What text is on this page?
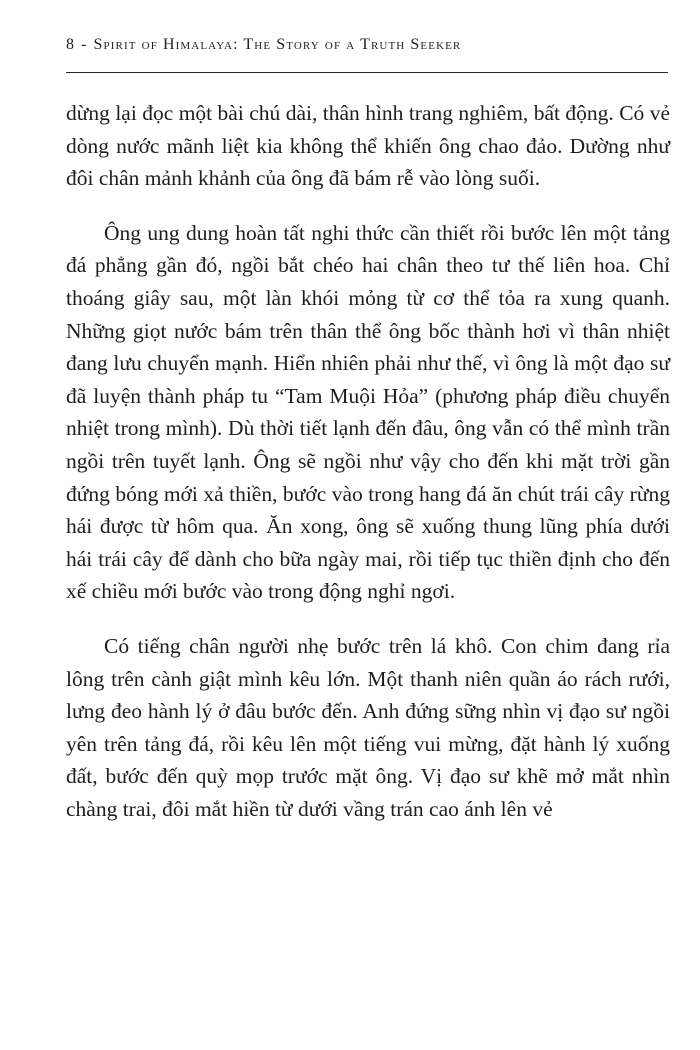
8 - Spirit of Himalaya: The Story of a Truth Seeker

dừng lại đọc một bài chú dài, thân hình trang nghiêm, bất động. Có vẻ dòng nước mãnh liệt kia không thể khiến ông chao đảo. Dường như đôi chân mảnh khảnh của ông đã bám rễ vào lòng suối.

Ông ung dung hoàn tất nghi thức cần thiết rồi bước lên một tảng đá phẳng gần đó, ngồi bắt chéo hai chân theo tư thế liên hoa. Chỉ thoáng giây sau, một làn khói mỏng từ cơ thể tỏa ra xung quanh. Những giọt nước bám trên thân thể ông bốc thành hơi vì thân nhiệt đang lưu chuyển mạnh. Hiển nhiên phải như thế, vì ông là một đạo sư đã luyện thành pháp tu “Tam Muội Hỏa” (phương pháp điều chuyển nhiệt trong mình). Dù thời tiết lạnh đến đâu, ông vẫn có thể mình trần ngồi trên tuyết lạnh. Ông sẽ ngồi như vậy cho đến khi mặt trời gần đứng bóng mới xả thiền, bước vào trong hang đá ăn chút trái cây rừng hái được từ hôm qua. Ăn xong, ông sẽ xuống thung lũng phía dưới hái trái cây để dành cho bữa ngày mai, rồi tiếp tục thiền định cho đến xế chiều mới bước vào trong động nghỉ ngơi.

Có tiếng chân người nhẹ bước trên lá khô. Con chim đang rỉa lông trên cành giật mình kêu lớn. Một thanh niên quần áo rách rưới, lưng đeo hành lý ở đâu bước đến. Anh đứng sững nhìn vị đạo sư ngồi yên trên tảng đá, rồi kêu lên một tiếng vui mừng, đặt hành lý xuống đất, bước đến quỳ mọp trước mặt ông. Vị đạo sư khẽ mở mắt nhìn chàng trai, đôi mắt hiền từ dưới vầng trán cao ánh lên vẻ
